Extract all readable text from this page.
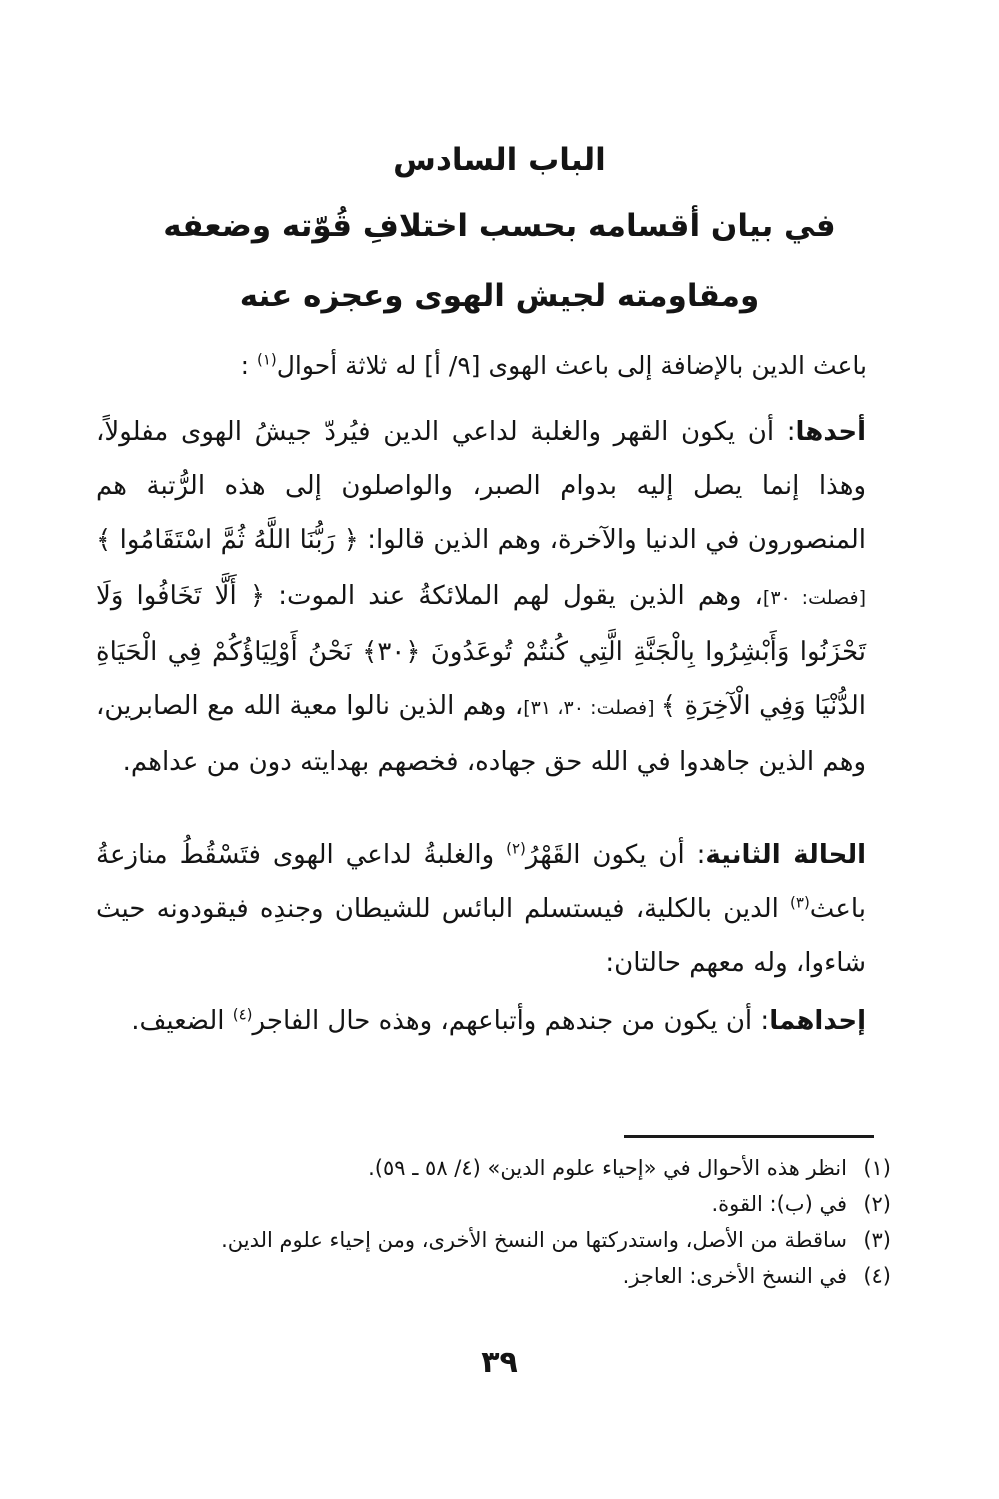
الباب السادس
في بيان أقسامه بحسب اختلافِ قُوّته وضعفه
ومقاومته لجيش الهوى وعجزه عنه
باعث الدين بالإضافة إلى باعث الهوى [٩/ أ] له ثلاثة أحوال$^{(١)}$ :
أحدها: أن يكون القهر والغلبة لداعي الدين فيُردّ جيشُ الهوى مفلولاً، وهذا إنما يصل إليه بدوام الصبر، والواصلون إلى هذه الرُّتبة هم المنصورون في الدنيا والآخرة، وهم الذين قالوا: ﴿ رَبُّنَا اللَّهُ ثُمَّ اسْتَقَامُوا ﴾ [فصلت: ٣٠]، وهم الذين يقول لهم الملائكةُ عند الموت: ﴿ أَلَّا تَخَافُوا وَلَا تَحْزَنُوا وَأَبْشِرُوا بِالْجَنَّةِ الَّتِي كُنتُمْ تُوعَدُونَ ﴿٣٠﴾ نَحْنُ أَوْلِيَاؤُكُمْ فِي الْحَيَاةِ الدُّنْيَا وَفِي الْآخِرَةِ ﴾ [فصلت: ٣٠، ٣١]، وهم الذين نالوا معية الله مع الصابرين، وهم الذين جاهدوا في الله حق جهاده، فخصهم بهدايته دون من عداهم.
الحالة الثانية: أن يكون القَهْرُ$^{(٢)}$ والغلبةُ لداعي الهوى فتَسْقُطُ منازعةُ باعث$^{(٣)}$ الدين بالكلية، فيستسلم البائس للشيطان وجندِه فيقودونه حيث شاءوا، وله معهم حالتان:
إحداهما: أن يكون من جندهم وأتباعهم، وهذه حال الفاجر$^{(٤)}$ الضعيف.
(١)انظر هذه الأحوال في «إحياء علوم الدين» (٤/ ٥٨ ـ ٥٩).
(٢)في (ب): القوة.
(٣)ساقطة من الأصل، واستدركتها من النسخ الأخرى، ومن إحياء علوم الدين.
(٤)في النسخ الأخرى: العاجز.
٣٩
